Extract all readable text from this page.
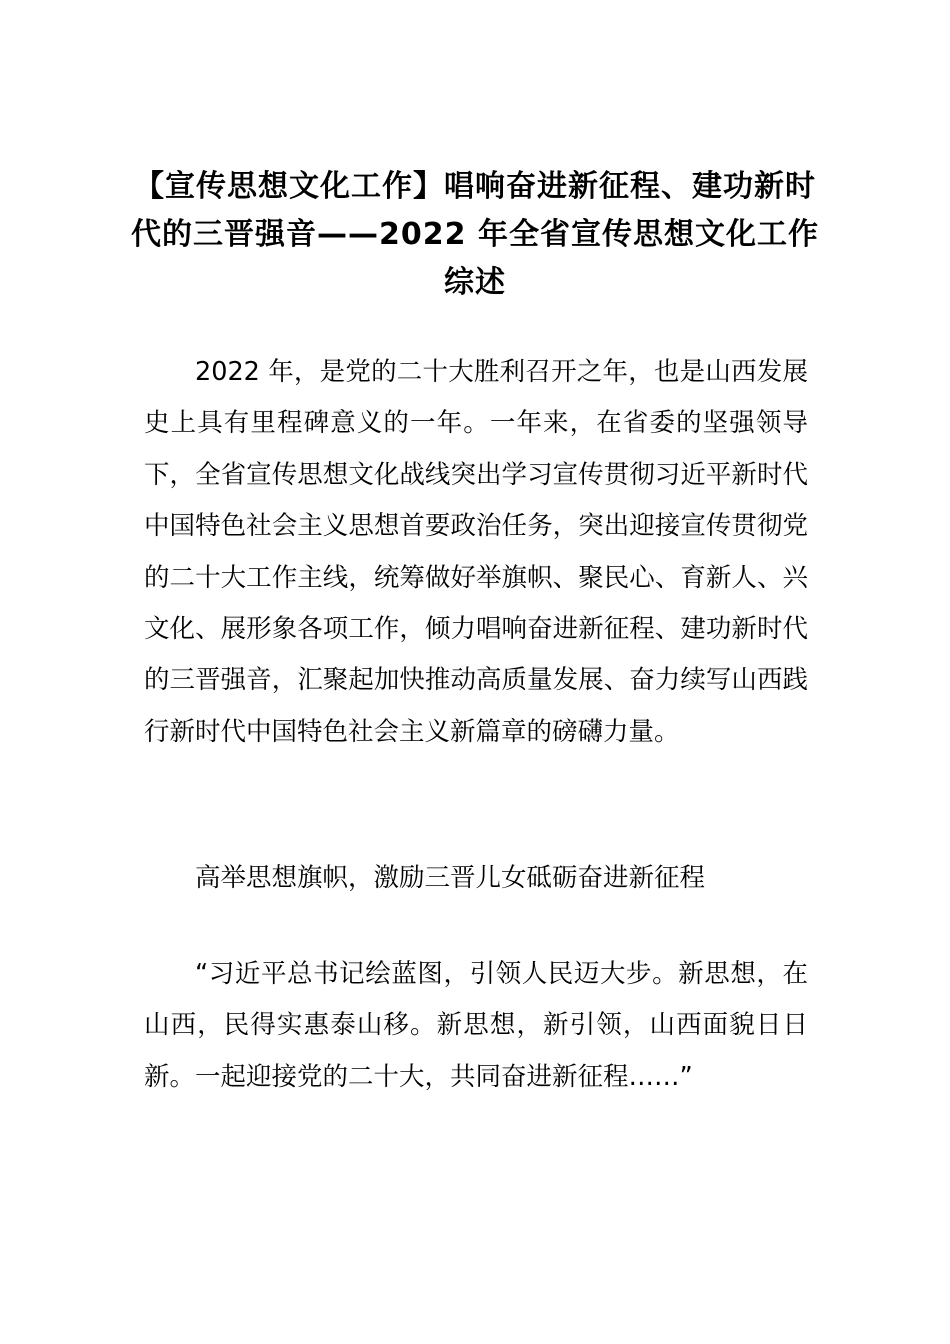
【宣传思想文化工作】唱响奋进新征程、建功新时代的三晋强音——2022 年全省宣传思想文化工作综述

2022 年，是党的二十大胜利召开之年，也是山西发展史上具有里程碑意义的一年。一年来，在省委的坚强领导下，全省宣传思想文化战线突出学习宣传贯彻习近平新时代中国特色社会主义思想首要政治任务，突出迎接宣传贯彻党的二十大工作主线，统筹做好举旗帜、聚民心、育新人、兴文化、展形象各项工作，倾力唱响奋进新征程、建功新时代的三晋强音，汇聚起加快推动高质量发展、奋力续写山西践行新时代中国特色社会主义新篇章的磅礴力量。

高举思想旗帜，激励三晋儿女砥砺奋进新征程

“习近平总书记绘蓝图，引领人民迈大步。新思想，在山西，民得实惠泰山移。新思想，新引领，山西面貌日日新。一起迎接党的二十大，共同奋进新征程……”
